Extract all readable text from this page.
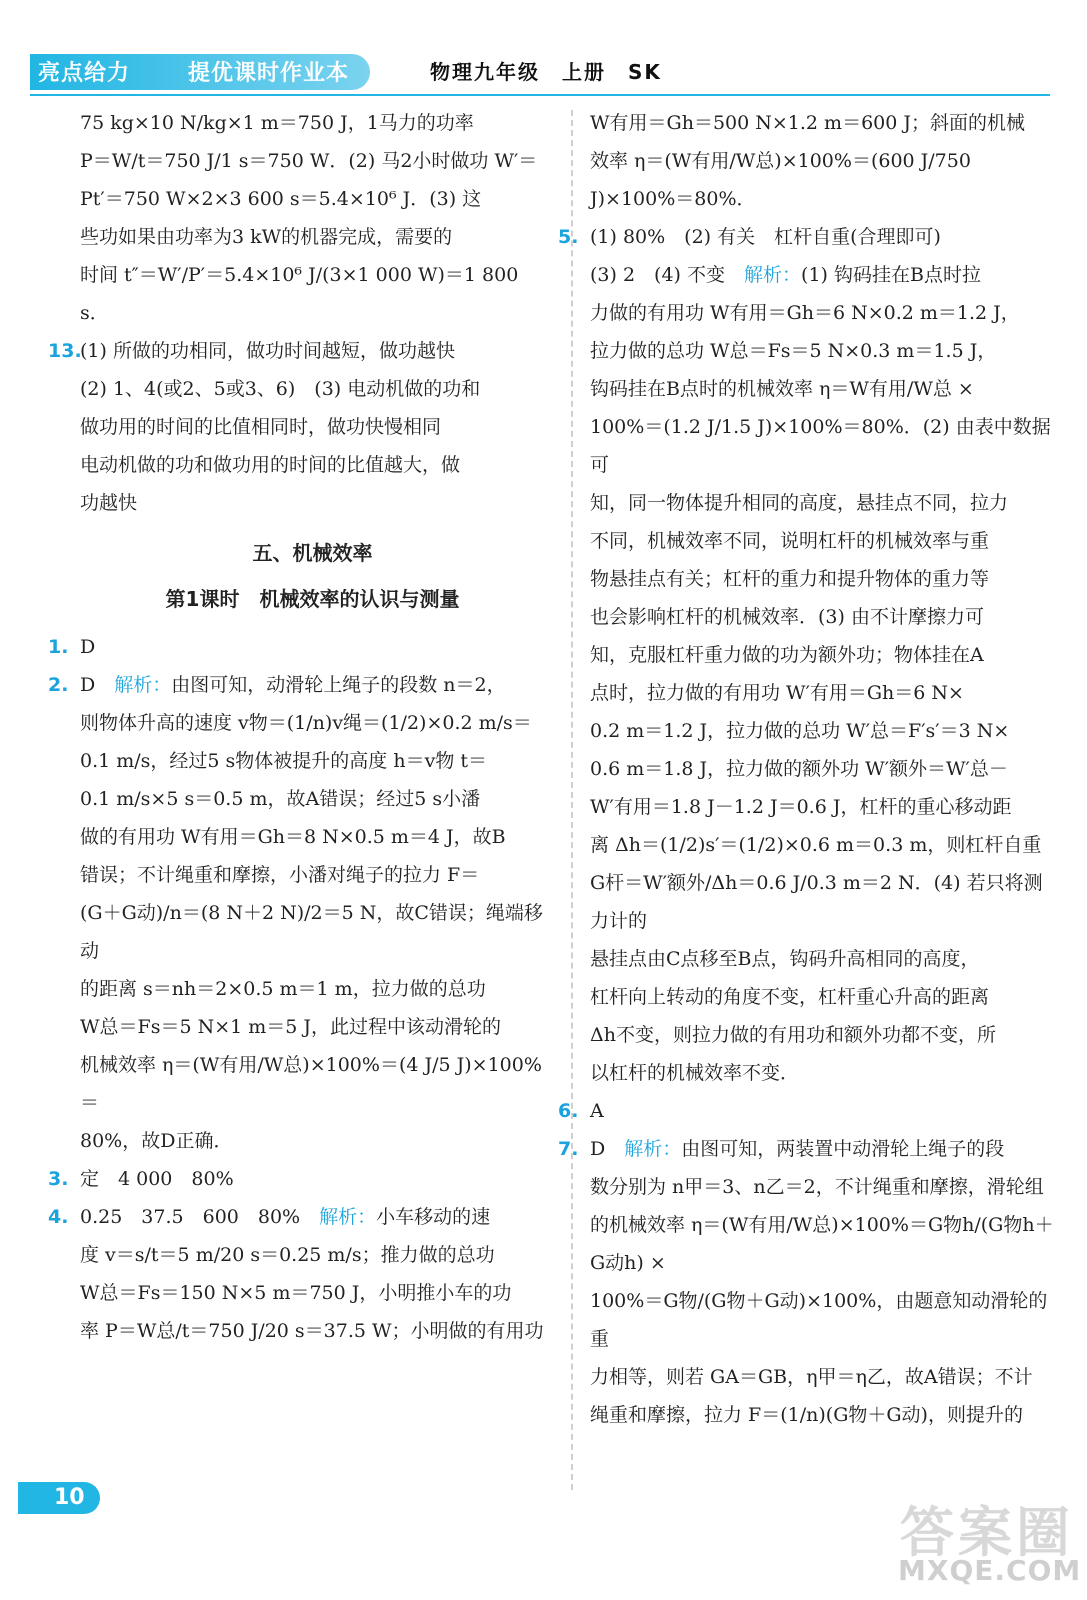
亮点给力	提优课时作业本	物理九年级　上册　SK

75 kg×10 N/kg×1 m＝750 J，1马力的功率

P＝W/t＝750 J/1 s＝750 W．(2) 马2小时做功 W′＝

Pt′＝750 W×2×3 600 s＝5.4×10⁶ J．(3) 这

些功如果由功率为3 kW的机器完成，需要的

时间 t″＝W′/P′＝5.4×10⁶ J/(3×1 000 W)＝1 800 s．

13.(1) 所做的功相同，做功时间越短，做功越快

(2) 1、4(或2、5或3、6)　(3) 电动机做的功和

做功用的时间的比值相同时，做功快慢相同

电动机做的功和做功用的时间的比值越大，做

功越快

五、机械效率
第1课时　机械效率的认识与测量

1. D

2. D　 解析：由图可知，动滑轮上绳子的段数 n＝2，

则物体升高的速度 v物＝(1/n)v绳＝(1/2)×0.2 m/s＝

0.1 m/s，经过5 s物体被提升的高度 h＝v物 t＝

0.1 m/s×5 s＝0.5 m，故A错误；经过5 s小潘

做的有用功 W有用＝Gh＝8 N×0.5 m＝4 J，故B

错误；不计绳重和摩擦，小潘对绳子的拉力 F＝

(G＋G动)/n＝(8 N＋2 N)/2＝5 N，故C错误；绳端移动

的距离 s＝nh＝2×0.5 m＝1 m，拉力做的总功

W总＝Fs＝5 N×1 m＝5 J，此过程中该动滑轮的

机械效率 η＝(W有用/W总)×100%＝(4 J/5 J)×100%＝

80%，故D正确．

3. 定　4 000　80%

4. 0.25　37.5　600　80%　 解析：小车移动的速

度 v＝s/t＝5 m/20 s＝0.25 m/s；推力做的总功

W总＝Fs＝150 N×5 m＝750 J，小明推小车的功

率 P＝W总/t＝750 J/20 s＝37.5 W；小明做的有用功

W有用＝Gh＝500 N×1.2 m＝600 J；斜面的机械

效率 η＝(W有用/W总)×100%＝(600 J/750 J)×100%＝80%．

5. (1) 80%　(2) 有关　杠杆自重(合理即可)

(3) 2　(4) 不变　 解析：(1) 钩码挂在B点时拉

力做的有用功 W有用＝Gh＝6 N×0.2 m＝1.2 J，

拉力做的总功 W总＝Fs＝5 N×0.3 m＝1.5 J，

钩码挂在B点时的机械效率 η＝W有用/W总 ×

100%＝(1.2 J/1.5 J)×100%＝80%．(2) 由表中数据可

知，同一物体提升相同的高度，悬挂点不同，拉力

不同，机械效率不同，说明杠杆的机械效率与重

物悬挂点有关；杠杆的重力和提升物体的重力等

也会影响杠杆的机械效率．(3) 由不计摩擦力可

知，克服杠杆重力做的功为额外功；物体挂在A

点时，拉力做的有用功 W′有用＝Gh＝6 N×

0.2 m＝1.2 J，拉力做的总功 W′总＝F′s′＝3 N×

0.6 m＝1.8 J，拉力做的额外功 W′额外＝W′总－

W′有用＝1.8 J－1.2 J＝0.6 J，杠杆的重心移动距

离 Δh＝(1/2)s′＝(1/2)×0.6 m＝0.3 m，则杠杆自重

G杆＝W′额外/Δh＝0.6 J/0.3 m＝2 N．(4) 若只将测力计的

悬挂点由C点移至B点，钩码升高相同的高度，

杠杆向上转动的角度不变，杠杆重心升高的距离

Δh不变，则拉力做的有用功和额外功都不变，所

以杠杆的机械效率不变．

6. A

7. D　 解析：由图可知，两装置中动滑轮上绳子的段

数分别为 n甲＝3、n乙＝2，不计绳重和摩擦，滑轮组

的机械效率 η＝(W有用/W总)×100%＝G物h/(G物h＋G动h) ×

100%＝G物/(G物＋G动)×100%，由题意知动滑轮的重

力相等，则若 GA＝GB，η甲＝η乙，故A错误；不计

绳重和摩擦，拉力 F＝(1/n)(G物＋G动)，则提升的

10
答案圈
MXQE.COM
